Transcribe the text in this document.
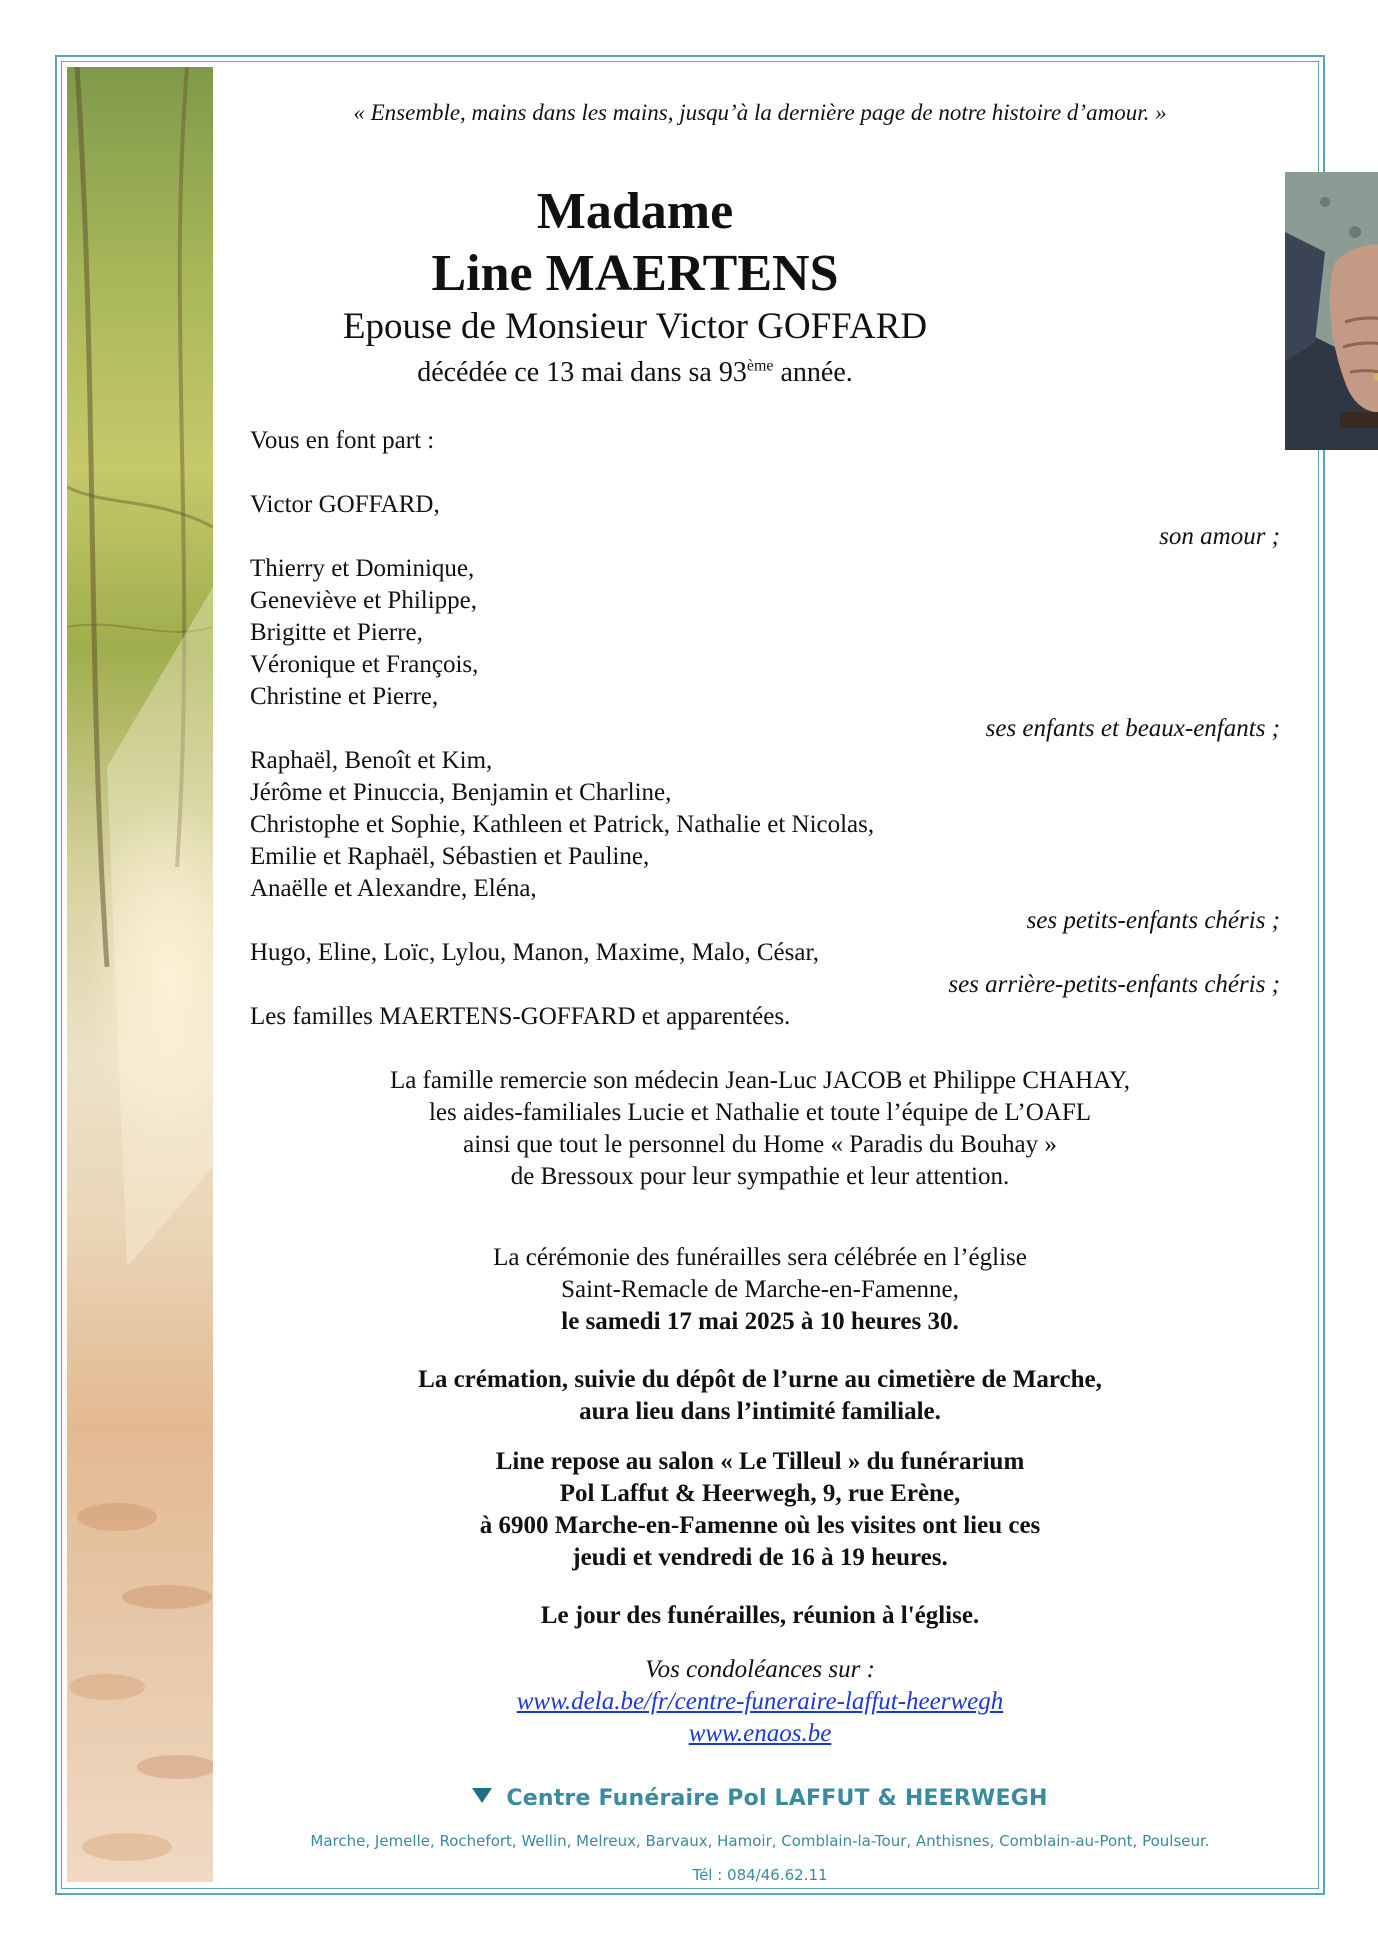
« Ensemble, mains dans les mains, jusqu’à la dernière page de notre histoire d’amour. »
Madame
Line MAERTENS
Epouse de Monsieur Victor GOFFARD
décédée ce 13 mai dans sa 93ème année.
Vous en font part :
Victor GOFFARD,
son amour ;
Thierry et Dominique,
Geneviève et Philippe,
Brigitte et Pierre,
Véronique et François,
Christine et Pierre,
ses enfants et beaux-enfants ;
Raphaël, Benoît et Kim,
Jérôme et Pinuccia, Benjamin et Charline,
Christophe et Sophie, Kathleen et Patrick, Nathalie et Nicolas,
Emilie et Raphaël, Sébastien et Pauline,
Anaëlle et Alexandre, Eléna,
ses petits-enfants chéris ;
Hugo, Eline, Loïc, Lylou, Manon, Maxime, Malo, César,
ses arrière-petits-enfants chéris ;
Les familles MAERTENS-GOFFARD et apparentées.
La famille remercie son médecin Jean-Luc JACOB et Philippe CHAHAY,
les aides-familiales Lucie et Nathalie et toute l’équipe de L’OAFL
ainsi que tout le personnel du Home « Paradis du Bouhay »
de Bressoux pour leur sympathie et leur attention.
La cérémonie des funérailles sera célébrée en l’église
Saint-Remacle de Marche-en-Famenne,
le samedi 17 mai 2025 à 10 heures 30.
La crémation, suivie du dépôt de l’urne au cimetière de Marche,
aura lieu dans l’intimité familiale.
Line repose au salon « Le Tilleul » du funérarium
Pol Laffut & Heerwegh, 9, rue Erène,
à 6900 Marche-en-Famenne où les visites ont lieu ces
jeudi et vendredi de 16 à 19 heures.
Le jour des funérailles, réunion à l'église.
Vos condoléances sur :
www.dela.be/fr/centre-funeraire-laffut-heerwegh
www.enaos.be
Centre Funéraire Pol LAFFUT & HEERWEGH
Marche, Jemelle, Rochefort, Wellin, Melreux, Barvaux, Hamoir, Comblain-la-Tour, Anthisnes, Comblain-au-Pont, Poulseur.
Tél : 084/46.62.11
